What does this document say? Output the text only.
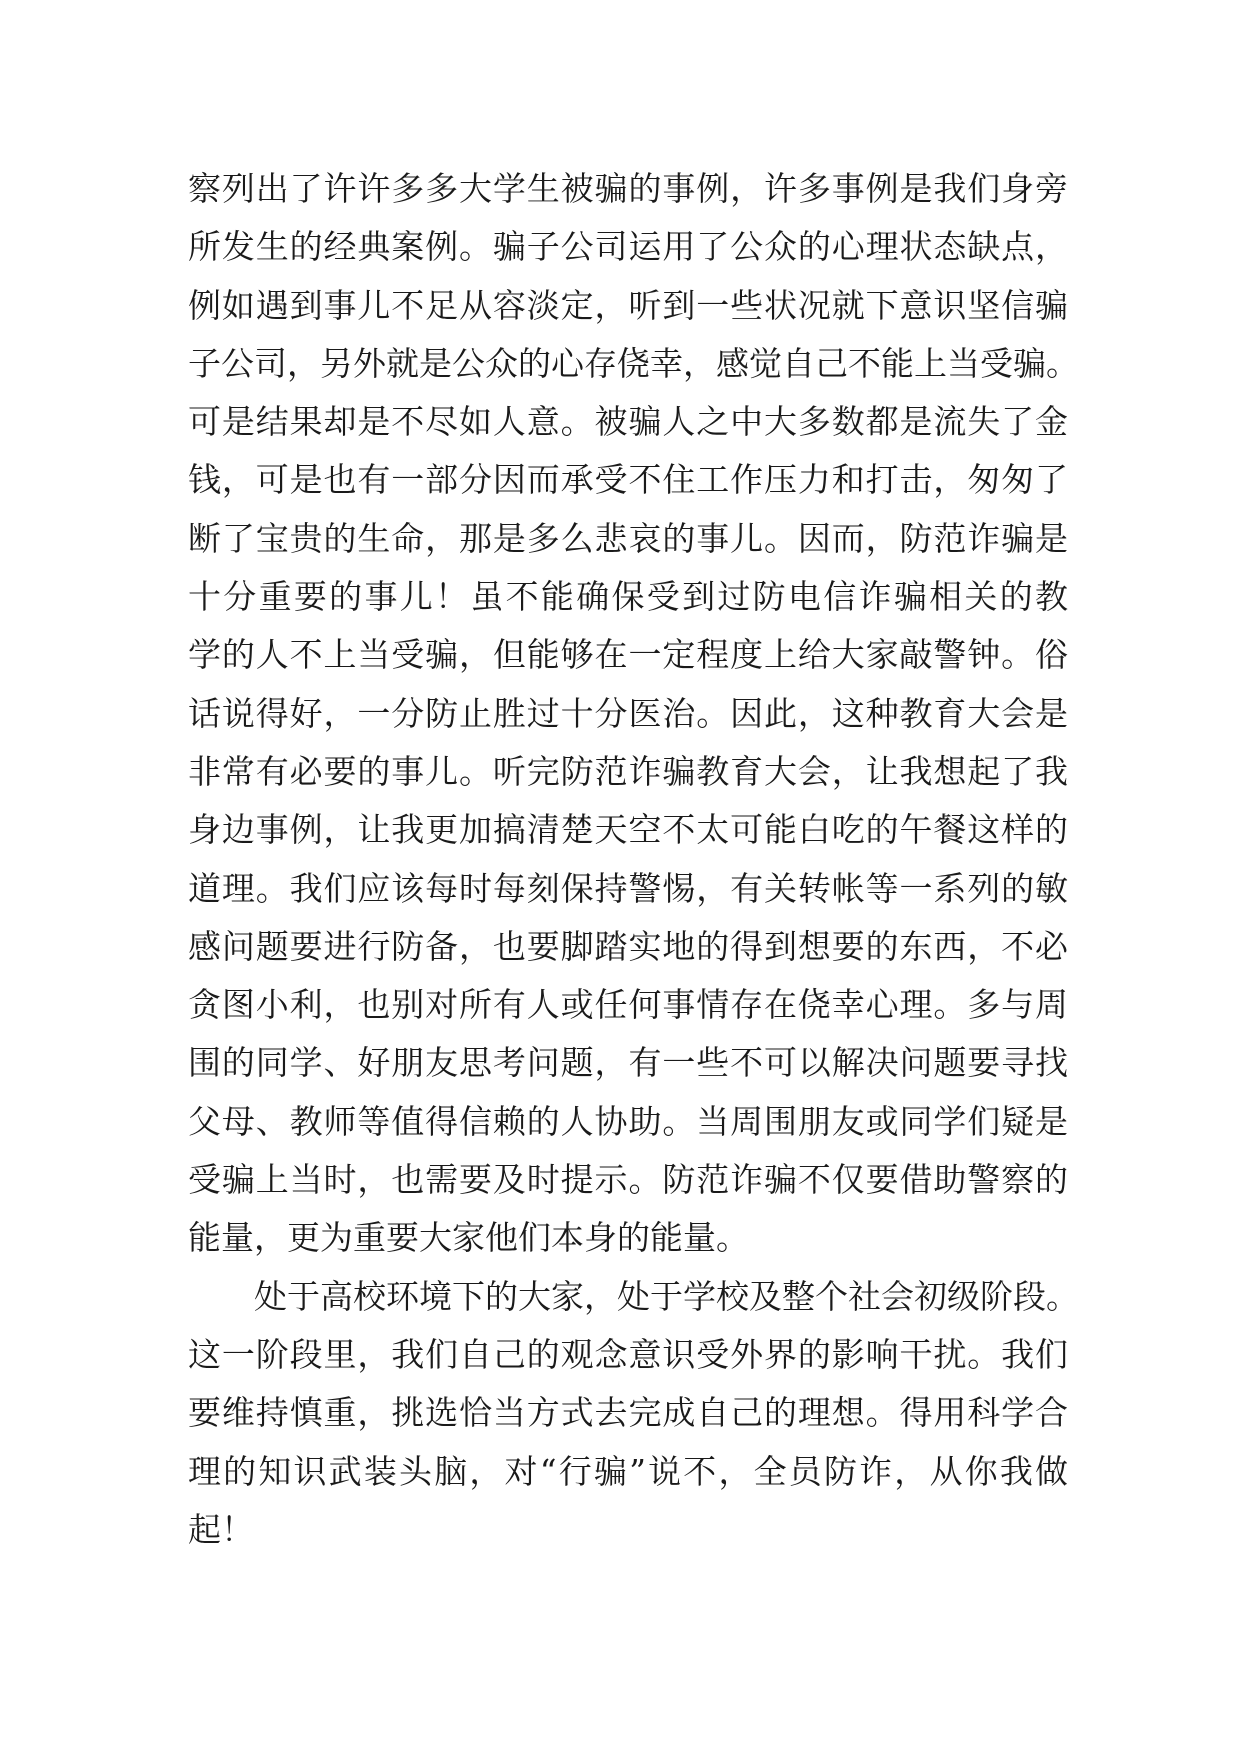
察列出了许许多多大学生被骗的事例，许多事例是我们身旁
所发生的经典案例。骗子公司运用了公众的心理状态缺点，
例如遇到事儿不足从容淡定，听到一些状况就下意识坚信骗
子公司，另外就是公众的心存侥幸，感觉自己不能上当受骗。
可是结果却是不尽如人意。被骗人之中大多数都是流失了金
钱，可是也有一部分因而承受不住工作压力和打击，匆匆了
断了宝贵的生命，那是多么悲哀的事儿。因而，防范诈骗是
十分重要的事儿！虽不能确保受到过防电信诈骗相关的教
学的人不上当受骗，但能够在一定程度上给大家敲警钟。俗
话说得好，一分防止胜过十分医治。因此，这种教育大会是
非常有必要的事儿。听完防范诈骗教育大会，让我想起了我
身边事例，让我更加搞清楚天空不太可能白吃的午餐这样的
道理。我们应该每时每刻保持警惕，有关转帐等一系列的敏
感问题要进行防备，也要脚踏实地的得到想要的东西，不必
贪图小利，也别对所有人或任何事情存在侥幸心理。多与周
围的同学、好朋友思考问题，有一些不可以解决问题要寻找
父母、教师等值得信赖的人协助。当周围朋友或同学们疑是
受骗上当时，也需要及时提示。防范诈骗不仅要借助警察的
能量，更为重要大家他们本身的能量。
处于高校环境下的大家，处于学校及整个社会初级阶段。
这一阶段里，我们自己的观念意识受外界的影响干扰。我们
要维持慎重，挑选恰当方式去完成自己的理想。得用科学合
理的知识武装头脑，对“行骗”说不，全员防诈，从你我做
起！
